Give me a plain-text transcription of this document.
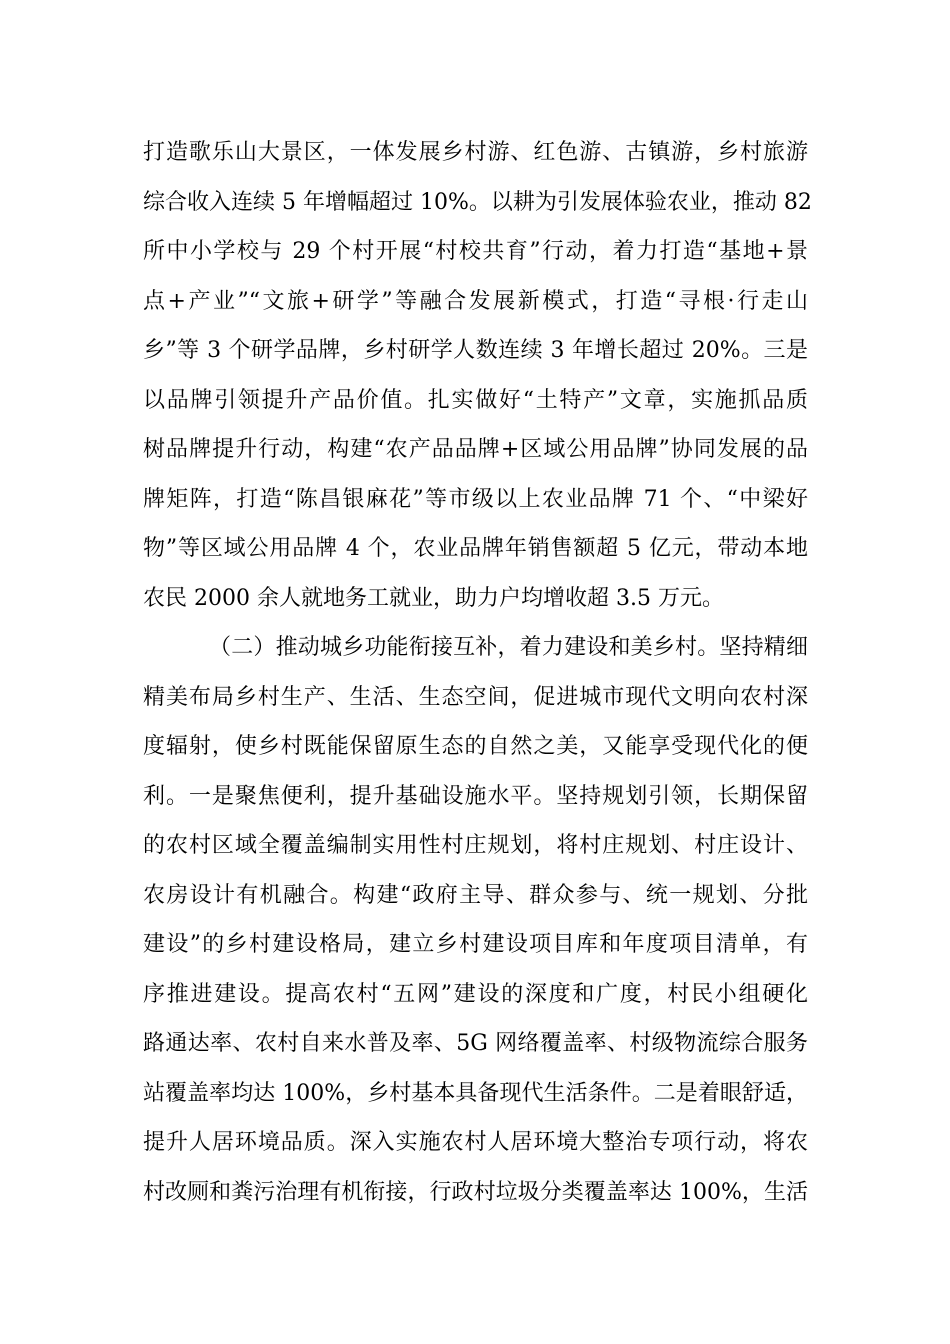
打造歌乐山大景区，一体发展乡村游、红色游、古镇游，乡村旅游
综合收入连续 5 年增幅超过 10%。以耕为引发展体验农业，推动 82
所中小学校与 29 个村开展“村校共育”行动，着力打造“基地+景
点+产业”“文旅+研学”等融合发展新模式，打造“寻根·行走山
乡”等 3 个研学品牌，乡村研学人数连续 3 年增长超过 20%。三是
以品牌引领提升产品价值。扎实做好“土特产”文章，实施抓品质
树品牌提升行动，构建“农产品品牌+区域公用品牌”协同发展的品
牌矩阵，打造“陈昌银麻花”等市级以上农业品牌 71 个、“中梁好
物”等区域公用品牌 4 个，农业品牌年销售额超 5 亿元，带动本地
农民 2000 余人就地务工就业，助力户均增收超 3.5 万元。
（二）推动城乡功能衔接互补，着力建设和美乡村。坚持精细
精美布局乡村生产、生活、生态空间，促进城市现代文明向农村深
度辐射，使乡村既能保留原生态的自然之美，又能享受现代化的便
利。一是聚焦便利，提升基础设施水平。坚持规划引领，长期保留
的农村区域全覆盖编制实用性村庄规划，将村庄规划、村庄设计、
农房设计有机融合。构建“政府主导、群众参与、统一规划、分批
建设”的乡村建设格局，建立乡村建设项目库和年度项目清单，有
序推进建设。提高农村“五网”建设的深度和广度，村民小组硬化
路通达率、农村自来水普及率、5G 网络覆盖率、村级物流综合服务
站覆盖率均达 100%，乡村基本具备现代生活条件。二是着眼舒适，
提升人居环境品质。深入实施农村人居环境大整治专项行动，将农
村改厕和粪污治理有机衔接，行政村垃圾分类覆盖率达 100%，生活
